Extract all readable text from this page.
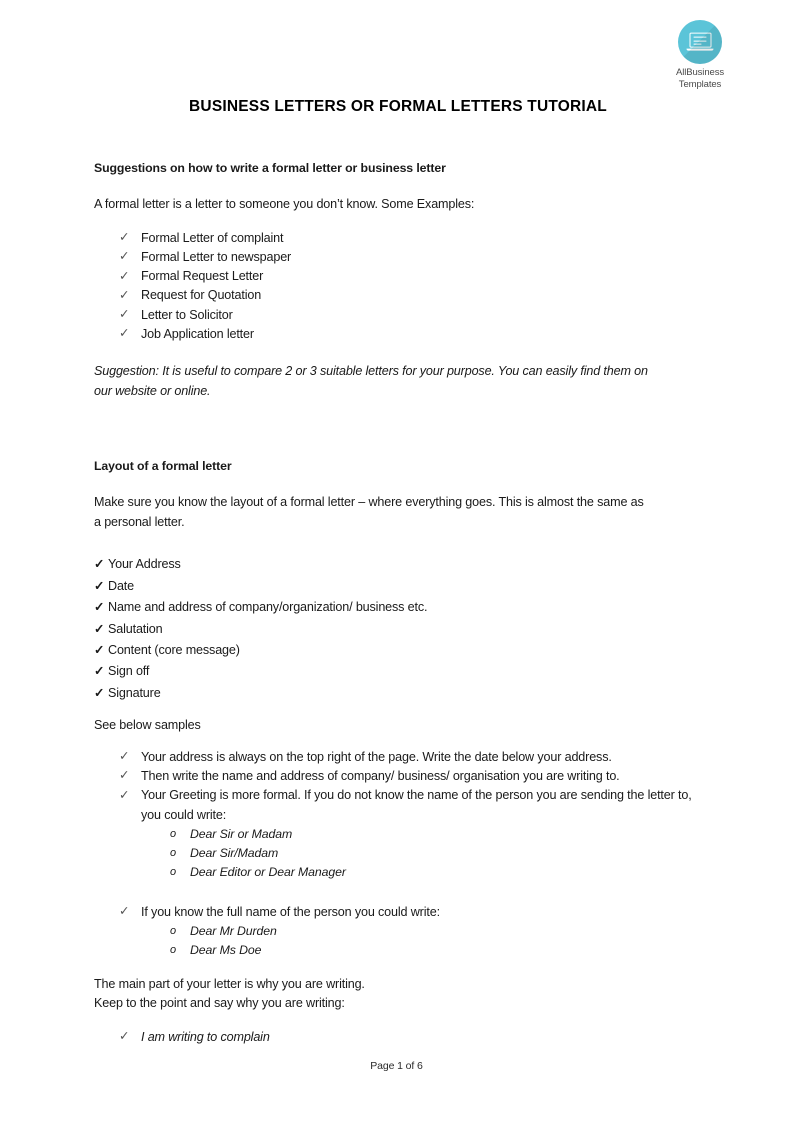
AllBusiness
Templates
BUSINESS LETTERS OR FORMAL LETTERS TUTORIAL
Suggestions on how to write a formal letter or business letter

A formal letter is a letter to someone you don’t know. Some Examples:

✓ Formal Letter of complaint
✓ Formal Letter to newspaper
✓ Formal Request Letter
✓ Request for Quotation
✓ Letter to Solicitor
✓ Job Application letter

Suggestion: It is useful to compare 2 or 3 suitable letters for your purpose. You can easily find them on

our website or online.

Layout of a formal letter

Make sure you know the layout of a formal letter – where everything goes. This is almost the same as

a personal letter.

✓ Your Address
✓ Date
✓ Name and address of company/organization/ business etc.
✓ Salutation
✓ Content (core message)
✓ Sign off
✓ Signature

See below samples

✓ Your address is always on the top right of the page. Write the date below your address.
✓ Then write the name and address of company/ business/ organisation you are writing to.
✓ Your Greeting is more formal. If you do not know the name of the person you are sending the letter to, you could write:
o Dear Sir or Madam
o Dear Sir/Madam
o Dear Editor or Dear Manager
✓ If you know the full name of the person you could write:
o Dear Mr Durden
o Dear Ms Doe

The main part of your letter is why you are writing.

Keep to the point and say why you are writing:

✓ I am writing to complain
Page 1 of 6
